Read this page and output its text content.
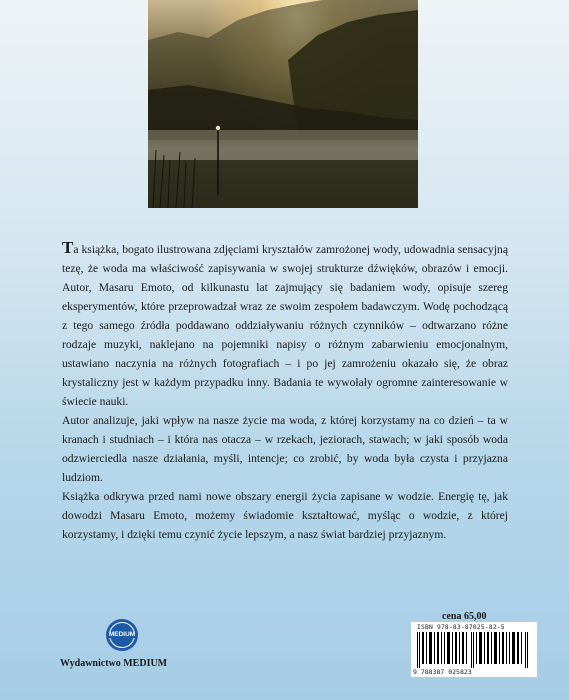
Ta książka, bogato ilustrowana zdjęciami kryształów zamrożonej wody, udowadnia sensacyjną tezę, że woda ma właściwość zapisywania w swojej strukturze dźwięków, obrazów i emocji. Autor, Masaru Emoto, od kilkunastu lat zajmujący się badaniem wody, opisuje szereg eksperymentów, które przeprowadzał wraz ze swoim zespołem badawczym. Wodę pochodzącą z tego samego źródła poddawano oddziaływaniu różnych czynników – odtwarzano różne rodzaje muzyki, naklejano na pojemniki napisy o różnym zabarwieniu emocjonalnym, ustawiano naczynia na różnych fotografiach – i po jej zamrożeniu okazało się, że obraz krystaliczny jest w każdym przypadku inny. Badania te wywołały ogromne zainteresowanie w świecie nauki.

Autor analizuje, jaki wpływ na nasze życie ma woda, z której korzystamy na co dzień – ta w kranach i studniach – i która nas otacza – w rzekach, jeziorach, stawach; w jaki sposób woda odzwierciedla nasze działania, myśli, intencje; co zrobić, by woda była czysta i przyjazna ludziom.

Książka odkrywa przed nami nowe obszary energii życia zapisane w wodzie. Energię tę, jak dowodzi Masaru Emoto, możemy świadomie kształtować, myśląc o wodzie, z której korzystamy, i dzięki temu czynić życie lepszym, a nasz świat bardziej przyjaznym.

MEDIUM
Wydawnictwo MEDIUM
cena 65,00
ISBN 978-83-87025-82-5
9 788387 025823
